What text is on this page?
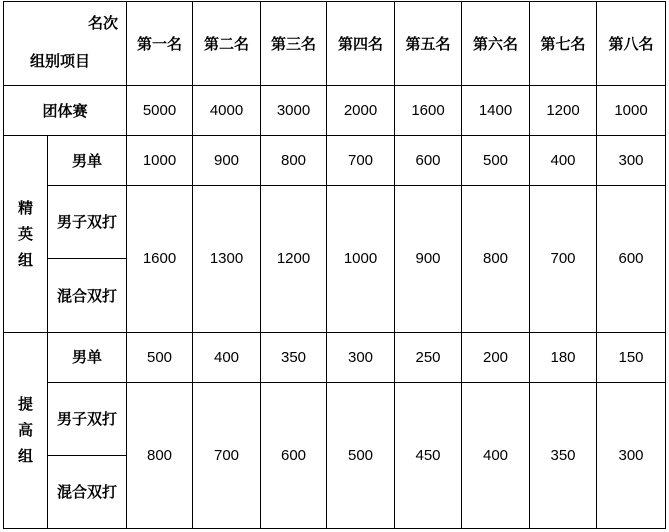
名次
组别项目		第一名	第二名	第三名	第四名	第五名	第六名	第七名	第八名
团体赛		5000	4000	3000	2000	1600	1400	1200	1000
精英组	男单	1000	900	800	700	600	500	400	300
	男子双打	1600	1300	1200	1000	900	800	700	600
	混合双打								
提高组	男单	500	400	350	300	250	200	180	150
	男子双打	800	700	600	500	450	400	350	300
	混合双打								
